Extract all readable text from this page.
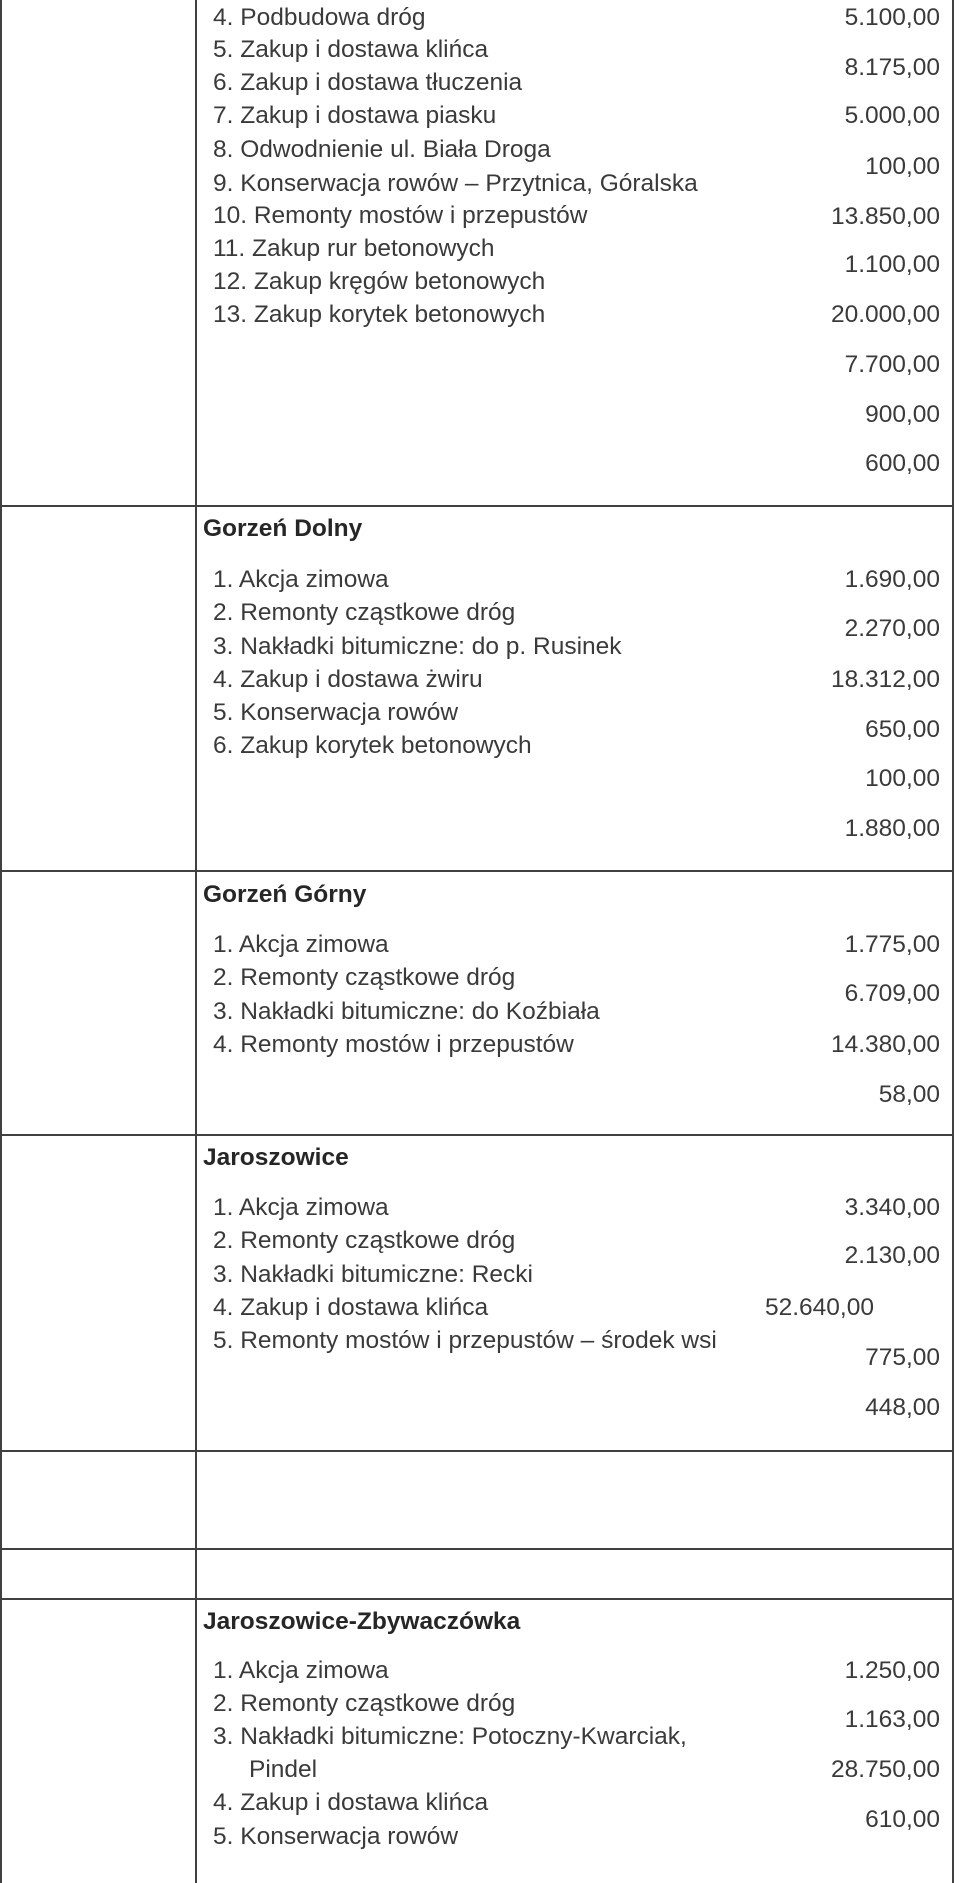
4. Podbudowa dróg
5. Zakup i dostawa klińca
6. Zakup i dostawa tłuczenia
7. Zakup i dostawa piasku
8. Odwodnienie ul. Biała Droga
9. Konserwacja rowów – Przytnica, Góralska
10. Remonty mostów i przepustów
11. Zakup rur betonowych
12. Zakup kręgów betonowych
13. Zakup korytek betonowych
5.100,00
8.175,00
5.000,00
100,00
13.850,00
1.100,00
20.000,00
7.700,00
900,00
600,00
Gorzeń Dolny
1. Akcja zimowa
2. Remonty cząstkowe dróg
3. Nakładki bitumiczne: do p. Rusinek
4. Zakup i dostawa żwiru
5. Konserwacja rowów
6. Zakup korytek betonowych
1.690,00
2.270,00
18.312,00
650,00
100,00
1.880,00
Gorzeń Górny
1. Akcja zimowa
2. Remonty cząstkowe dróg
3. Nakładki bitumiczne: do Koźbiała
4. Remonty mostów i przepustów
1.775,00
6.709,00
14.380,00
58,00
Jaroszowice
1. Akcja zimowa
2. Remonty cząstkowe dróg
3. Nakładki bitumiczne: Recki
4. Zakup i dostawa klińca
5. Remonty mostów i przepustów – środek wsi
3.340,00
2.130,00
52.640,00
775,00
448,00
Jaroszowice-Zbywaczówka
1. Akcja zimowa
2. Remonty cząstkowe dróg
3. Nakładki bitumiczne: Potoczny-Kwarciak,
Pindel
4. Zakup i dostawa klińca
5. Konserwacja rowów
1.250,00
1.163,00
28.750,00
610,00
